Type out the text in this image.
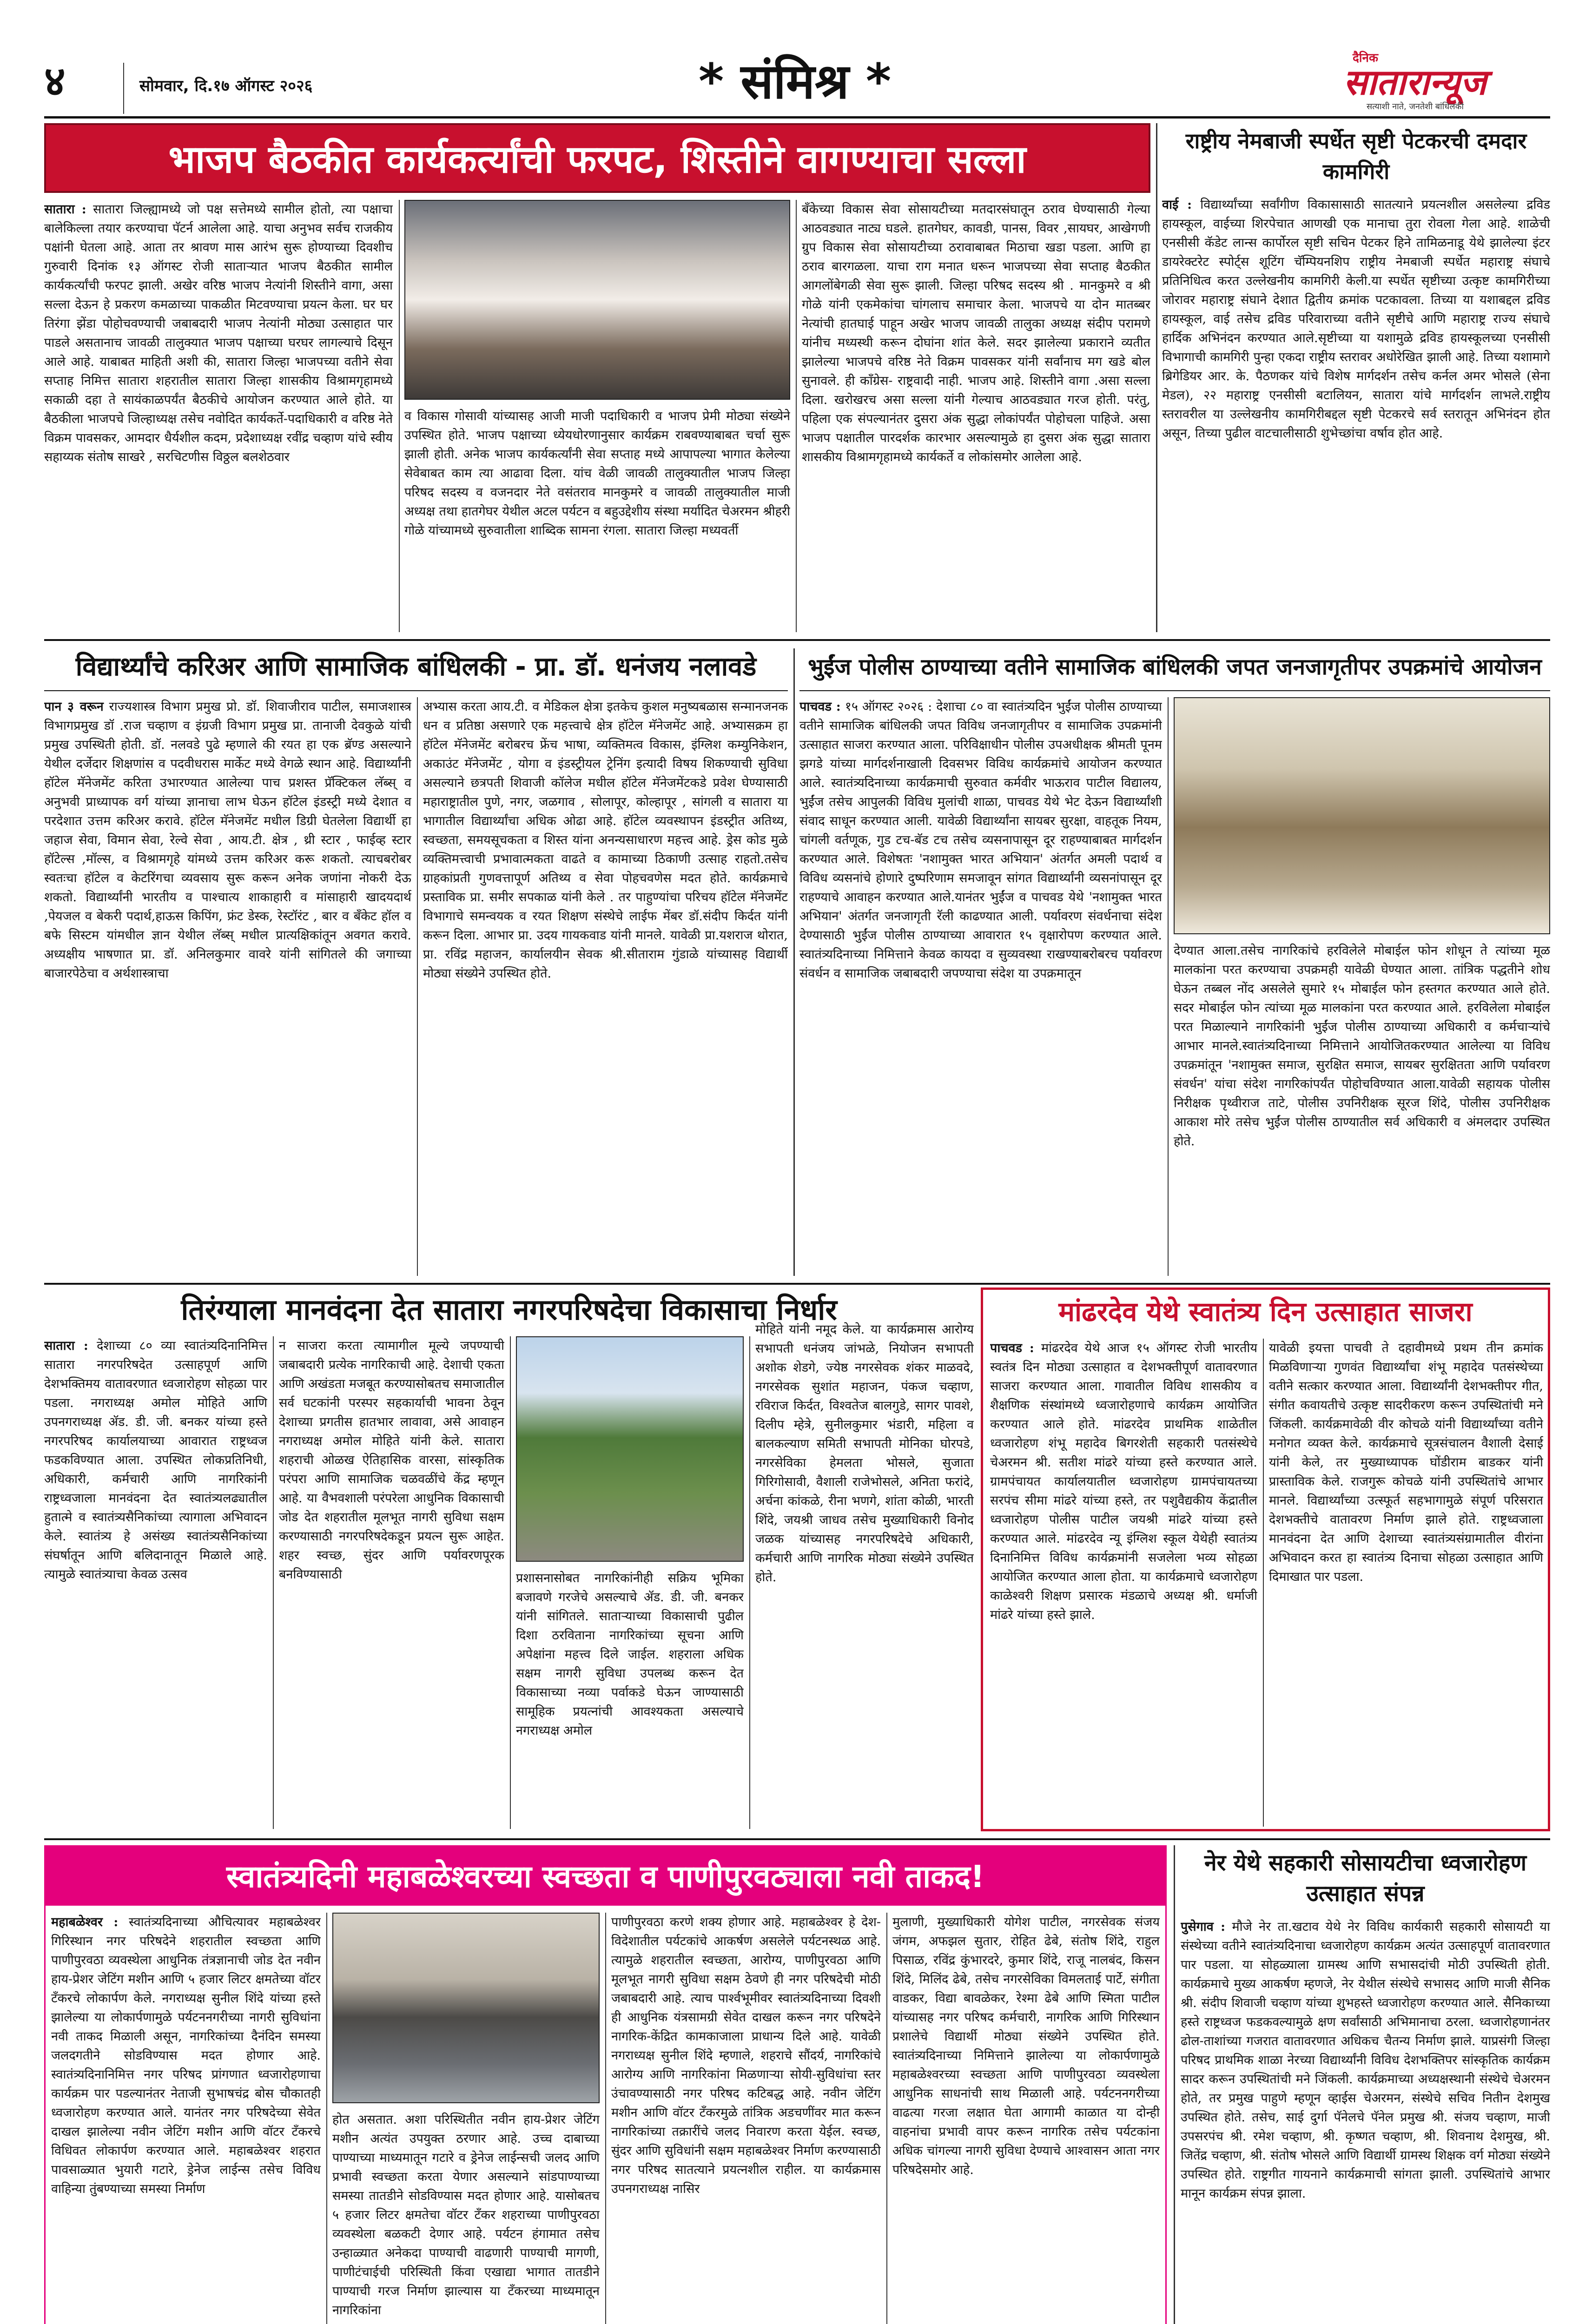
४	सोमवार, दि.१७ ऑगस्ट २०२६	* संमिश्र *	दैनिक
सातारान्यूज
सत्याशी नाते, जनतेशी बांधिलकी
भाजप बैठकीत कार्यकर्त्यांची फरपट, शिस्तीने वागण्याचा सल्ला
सातारा : सातारा जिल्ह्यामध्ये जो पक्ष सत्तेमध्ये सामील होतो, त्या पक्षाचा बालेकिल्ला तयार करण्याचा पॅटर्न आलेला आहे. याचा अनुभव सर्वच राजकीय पक्षांनी घेतला आहे. आता तर श्रावण मास आरंभ सुरू होण्याच्या दिवशीच गुरुवारी दिनांक १३ ऑगस्ट रोजी सातार्‍यात भाजप बैठकीत सामील कार्यकर्त्यांची फरपट झाली. अखेर वरिष्ठ भाजप नेत्यांनी शिस्तीने वागा, असा सल्ला देऊन हे प्रकरण कमळाच्या पाकळीत मिटवण्याचा प्रयत्न केला. घर घर तिरंगा झेंडा पोहोचवण्याची जबाबदारी भाजप नेत्यांनी मोठ्या उत्साहात पार पाडले असतानाच जावळी तालुक्यात भाजप पक्षाच्या घरघर लागल्याचे दिसून आले आहे. याबाबत माहिती अशी की, सातारा जिल्हा भाजपच्या वतीने सेवा सप्ताह निमित्त सातारा शहरातील सातारा जिल्हा शासकीय विश्रामगृहामध्ये सकाळी दहा ते सायंकाळपर्यंत बैठकीचे आयोजन करण्यात आले होते. या बैठकीला भाजपचे जिल्हाध्यक्ष तसेच नवोदित कार्यकर्ते-पदाधिकारी व वरिष्ठ नेते विक्रम पावसकर, आमदार धैर्यशील कदम, प्रदेशाध्यक्ष रवींद्र चव्हाण यांचे स्वीय सहाय्यक संतोष साखरे , सरचिटणीस विठ्ठल बलशेठवार
व विकास गोसावी यांच्यासह आजी माजी पदाधिकारी व भाजप प्रेमी मोठ्या संख्येने उपस्थित होते. भाजप पक्षाच्या ध्येयधोरणानुसार कार्यक्रम राबवण्याबाबत चर्चा सुरू झाली होती. अनेक भाजप कार्यकर्त्यांनी सेवा सप्ताह मध्ये आपापल्या भागात केलेल्या सेवेबाबत काम त्या आढावा दिला. यांच वेळी जावळी तालुक्यातील भाजप जिल्हा परिषद सदस्य व वजनदार नेते वसंतराव मानकुमरे व जावळी तालुक्यातील माजी अध्यक्ष तथा हातगेघर येथील अटल पर्यटन व बहुउद्देशीय संस्था मर्यादित चेअरमन श्रीहरी गोळे यांच्यामध्ये सुरुवातीला शाब्दिक सामना रंगला. सातारा जिल्हा मध्यवर्ती
बँकेच्या विकास सेवा सोसायटीच्या मतदारसंघातून ठराव घेण्यासाठी गेल्या आठवड्यात नाट्य घडले. हातगेघर, कावडी, पानस, विवर ,सायघर, आखेगणी ग्रुप विकास सेवा सोसायटीच्या ठरावाबाबत मिठाचा खडा पडला. आणि हा ठराव बारगळला. याचा राग मनात धरून भाजपच्या सेवा सप्ताह बैठकीत आगलोंबेगळी सेवा सुरू झाली. जिल्हा परिषद सदस्य श्री . मानकुमरे व श्री गोळे यांनी एकमेकांचा चांगलाच समाचार केला. भाजपचे या दोन मातब्बर नेत्यांची हातघाई पाहून अखेर भाजप जावळी तालुका अध्यक्ष संदीप परामणे यांनीच मध्यस्थी करून दोघांना शांत केले. सदर झालेल्या प्रकाराने व्यतीत झालेल्या भाजपचे वरिष्ठ नेते विक्रम पावसकर यांनी सर्वांनाच मग खडे बोल सुनावले. ही काँग्रेस- राष्ट्रवादी नाही. भाजप आहे. शिस्तीने वागा .असा सल्ला दिला. खरोखरच असा सल्ला यांनी गेल्याच आठवड्यात गरज होती. परंतु, पहिला एक संपल्यानंतर दुसरा अंक सुद्धा लोकांपर्यंत पोहोचला पाहिजे. असा भाजप पक्षातील पारदर्शक कारभार असल्यामुळे हा दुसरा अंक सुद्धा सातारा शासकीय विश्रामगृहामध्ये कार्यकर्ते व लोकांसमोर आलेला आहे.
राष्ट्रीय नेमबाजी स्पर्धेत सृष्टी पेटकरची दमदार कामगिरी
वाई : विद्यार्थ्यांच्या सर्वांगीण विकासासाठी सातत्याने प्रयत्नशील असलेल्या द्रविड हायस्कूल, वाईच्या शिरपेचात आणखी एक मानाचा तुरा रोवला गेला आहे. शाळेची एनसीसी कॅडेट लान्स कार्पोरल सृष्टी सचिन पेटकर हिने तामिळनाडू येथे झालेल्या इंटर डायरेक्टरेट स्पोर्ट्स शूटिंग चॅम्पियनशिप राष्ट्रीय नेमबाजी स्पर्धेत महाराष्ट्र संघाचे प्रतिनिधित्व करत उल्लेखनीय कामगिरी केली.या स्पर्धेत सृष्टीच्या उत्कृष्ट कामगिरीच्या जोरावर महाराष्ट्र संघाने देशात द्वितीय क्रमांक पटकावला. तिच्या या यशाबद्दल द्रविड हायस्कूल, वाई तसेच द्रविड परिवाराच्या वतीने सृष्टीचे आणि महाराष्ट्र राज्य संघाचे हार्दिक अभिनंदन करण्यात आले.सृष्टीच्या या यशामुळे द्रविड हायस्कूलच्या एनसीसी विभागाची कामगिरी पुन्हा एकदा राष्ट्रीय स्तरावर अधोरेखित झाली आहे. तिच्या यशामागे ब्रिगेडियर आर. के. पैठणकर यांचे विशेष मार्गदर्शन तसेच कर्नल अमर भोसले (सेना मेडल), २२ महाराष्ट्र एनसीसी बटालियन, सातारा यांचे मार्गदर्शन लाभले.राष्ट्रीय स्तरावरील या उल्लेखनीय कामगिरीबद्दल सृष्टी पेटकरचे सर्व स्तरातून अभिनंदन होत असून, तिच्या पुढील वाटचालीसाठी शुभेच्छांचा वर्षाव होत आहे.
विद्यार्थ्यांचे करिअर आणि सामाजिक बांधिलकी - प्रा. डॉ. धनंजय नलावडे
पान ३ वरून राज्यशास्त्र विभाग प्रमुख प्रो. डॉ. शिवाजीराव पाटील, समाजशास्त्र विभागप्रमुख डॉ .राज चव्हाण व इंग्रजी विभाग प्रमुख प्रा. तानाजी देवकुळे यांची प्रमुख उपस्थिती होती. डॉ. नलवडे पुढे म्हणाले की रयत हा एक ब्रॅण्ड असल्याने येथील दर्जेदार शिक्षणांस व पदवीधरास मार्केट मध्ये वेगळे स्थान आहे. विद्यार्थ्यांनी हॉटेल मॅनेजमेंट करिता उभारण्यात आलेल्या पाच प्रशस्त प्रॅक्टिकल लॅब्स् व अनुभवी प्राध्यापक वर्ग यांच्या ज्ञानाचा लाभ घेऊन हॉटेल इंडस्ट्री मध्ये देशात व परदेशात उत्तम करिअर करावे. हॉटेल मॅनेजमेंट मधील डिग्री घेतलेला विद्यार्थी हा जहाज सेवा, विमान सेवा, रेल्वे सेवा , आय.टी. क्षेत्र , थ्री स्टार , फाईव्ह स्टार हॉटेल्स ,मॉल्स, व विश्रामगृहे यांमध्ये उत्तम करिअर करू शकतो. त्याचबरोबर स्वतःचा हॉटेल व केटरिंगचा व्यवसाय सुरू करून अनेक जणांना नोकरी देऊ शकतो. विद्यार्थ्यांनी भारतीय व पाश्चात्य शाकाहारी व मांसाहारी खादयदार्थ ,पेयजल व बेकरी पदार्थ,हाऊस किपिंग, फ्रंट डेस्क, रेस्टॉरंट , बार व बँकेट हॉल व बफे सिस्टम यांमधील ज्ञान येथील लॅब्स् मधील प्रात्यक्षिकांतून अवगत करावे. अध्यक्षीय भाषणात प्रा. डॉ. अनिलकुमार वावरे यांनी सांगितले की जगाच्या बाजारपेठेचा व अर्थशास्त्राचा
अभ्यास करता आय.टी. व मेडिकल क्षेत्रा इतकेच कुशल मनुष्यबळास सन्मानजनक धन व प्रतिष्ठा असणारे एक महत्त्वाचे क्षेत्र हॉटेल मॅनेजमेंट आहे. अभ्यासक्रम हा हॉटेल मॅनेजमेंट बरोबरच फ्रेंच भाषा, व्यक्तिमत्व विकास, इंग्लिश कम्युनिकेशन, अकाउंट मॅनेजमेंट , योगा व इंडस्ट्रीयल ट्रेनिंग इत्यादी विषय शिकण्याची सुविधा असल्याने छत्रपती शिवाजी कॉलेज मधील हॉटेल मॅनेजमेंटकडे प्रवेश घेण्यासाठी महाराष्ट्रातील पुणे, नगर, जळगाव , सोलापूर, कोल्हापूर , सांगली व सातारा या भागातील विद्यार्थ्यांचा अधिक ओढा आहे. हॉटेल व्यवस्थापन इंडस्ट्रीत अतिथ्य, स्वच्छता, समयसूचकता व शिस्त यांना अनन्यसाधारण महत्त्व आहे. ड्रेस कोड मुळे व्यक्तिमत्त्वाची प्रभावात्मकता वाढते व कामाच्या ठिकाणी उत्साह राहतो.तसेच ग्राहकांप्रती गुणवत्तापूर्ण अतिथ्य व सेवा पोहचवणेस मदत होते. कार्यक्रमाचे प्रस्ताविक प्रा. समीर सपकाळ यांनी केले . तर पाहुण्यांचा परिचय हॉटेल मॅनेजमेंट विभागाचे समन्वयक व रयत शिक्षण संस्थेचे लाईफ मेंबर डॉ.संदीप किर्दत यांनी करून दिला. आभार प्रा. उदय गायकवाड यांनी मानले. यावेळी प्रा.यशराज थोरात, प्रा. रविंद्र महाजन, कार्यालयीन सेवक श्री.सीताराम गुंडाळे यांच्यासह विद्यार्थी मोठ्या संख्येने उपस्थित होते.
भुईंज पोलीस ठाण्याच्या वतीने सामाजिक बांधिलकी जपत जनजागृतीपर उपक्रमांचे आयोजन
पाचवड : १५ ऑगस्ट २०२६ : देशाचा ८० वा स्वातंत्र्यदिन भुईंज पोलीस ठाण्याच्या वतीने सामाजिक बांधिलकी जपत विविध जनजागृतीपर व सामाजिक उपक्रमांनी उत्साहात साजरा करण्यात आला. परिविक्षाधीन पोलीस उपअधीक्षक श्रीमती पूनम झगडे यांच्या मार्गदर्शनाखाली दिवसभर विविध कार्यक्रमांचे आयोजन करण्यात आले. स्वातंत्र्यदिनाच्या कार्यक्रमाची सुरुवात कर्मवीर भाऊराव पाटील विद्यालय, भुईंज तसेच आपुलकी विविध मुलांची शाळा, पाचवड येथे भेट देऊन विद्यार्थ्यांशी संवाद साधून करण्यात आली. यावेळी विद्यार्थ्यांना सायबर सुरक्षा, वाहतूक नियम, चांगली वर्तणूक, गुड टच-बॅड टच तसेच व्यसनापासून दूर राहण्याबाबत मार्गदर्शन करण्यात आले. विशेषतः 'नशामुक्त भारत अभियान' अंतर्गत अमली पदार्थ व विविध व्यसनांचे होणारे दुष्परिणाम समजावून सांगत विद्यार्थ्यांनी व्यसनांपासून दूर राहण्याचे आवाहन करण्यात आले.यानंतर भुईंज व पाचवड येथे 'नशामुक्त भारत अभियान' अंतर्गत जनजागृती रॅली काढण्यात आली. पर्यावरण संवर्धनाचा संदेश देण्यासाठी भुईंज पोलीस ठाण्याच्या आवारात १५ वृक्षारोपण करण्यात आले. स्वातंत्र्यदिनाच्या निमित्ताने केवळ कायदा व सुव्यवस्था राखण्याबरोबरच पर्यावरण संवर्धन व सामाजिक जबाबदारी जपण्याचा संदेश या उपक्रमातून
देण्यात आला.तसेच नागरिकांचे हरविलेले मोबाईल फोन शोधून ते त्यांच्या मूळ मालकांना परत करण्याचा उपक्रमही यावेळी घेण्यात आला. तांत्रिक पद्धतीने शोध घेऊन तब्बल नोंद असलेले सुमारे १५ मोबाईल फोन हस्तगत करण्यात आले होते. सदर मोबाईल फोन त्यांच्या मूळ मालकांना परत करण्यात आले. हरविलेला मोबाईल परत मिळाल्याने नागरिकांनी भुईंज पोलीस ठाण्याच्या अधिकारी व कर्मचाऱ्यांचे आभार मानले.स्वातंत्र्यदिनाच्या निमित्ताने आयोजितकरण्यात आलेल्या या विविध उपक्रमांतून 'नशामुक्त समाज, सुरक्षित समाज, सायबर सुरक्षितता आणि पर्यावरण संवर्धन' यांचा संदेश नागरिकांपर्यंत पोहोचविण्यात आला.यावेळी सहायक पोलीस निरीक्षक पृथ्वीराज ताटे, पोलीस उपनिरीक्षक सूरज शिंदे, पोलीस उपनिरीक्षक आकाश मोरे तसेच भुईंज पोलीस ठाण्यातील सर्व अधिकारी व अंमलदार उपस्थित होते.
तिरंग्याला मानवंदना देत सातारा नगरपरिषदेचा विकासाचा निर्धार
सातारा : देशाच्या ८० व्या स्वातंत्र्यदिनानिमित्त सातारा नगरपरिषदेत उत्साहपूर्ण आणि देशभक्तिमय वातावरणात ध्वजारोहण सोहळा पार पडला. नगराध्यक्ष अमोल मोहिते आणि उपनगराध्यक्ष ॲड. डी. जी. बनकर यांच्या हस्ते नगरपरिषद कार्यालयाच्या आवारात राष्ट्रध्वज फडकविण्यात आला. उपस्थित लोकप्रतिनिधी, अधिकारी, कर्मचारी आणि नागरिकांनी राष्ट्रध्वजाला मानवंदना देत स्वातंत्र्यलढ्यातील हुतात्मे व स्वातंत्र्यसैनिकांच्या त्यागाला अभिवादन केले. स्वातंत्र्य हे असंख्य स्वातंत्र्यसैनिकांच्या संघर्षातून आणि बलिदानातून मिळाले आहे. त्यामुळे स्वातंत्र्याचा केवळ उत्सव
न साजरा करता त्यामागील मूल्ये जपण्याची जबाबदारी प्रत्येक नागरिकाची आहे. देशाची एकता आणि अखंडता मजबूत करण्यासोबतच समाजातील सर्व घटकांनी परस्पर सहकार्याची भावना ठेवून देशाच्या प्रगतीस हातभार लावावा, असे आवाहन नगराध्यक्ष अमोल मोहिते यांनी केले. सातारा शहराची ओळख ऐतिहासिक वारसा, सांस्कृतिक परंपरा आणि सामाजिक चळवळींचे केंद्र म्हणून आहे. या वैभवशाली परंपरेला आधुनिक विकासाची जोड देत शहरातील मूलभूत नागरी सुविधा सक्षम करण्यासाठी नगरपरिषदेकडून प्रयत्न सुरू आहेत. शहर स्वच्छ, सुंदर आणि पर्यावरणपूरक बनविण्यासाठी	प्रशासनासोबत नागरिकांनीही सक्रिय भूमिका बजावणे गरजेचे असल्याचे ॲड. डी. जी. बनकर यांनी सांगितले. सातार्‍याच्या विकासाची पुढील दिशा ठरविताना नागरिकांच्या सूचना आणि अपेक्षांना महत्त्व दिले जाईल. शहराला अधिक सक्षम नागरी सुविधा उपलब्ध करून देत विकासाच्या नव्या पर्वाकडे घेऊन जाण्यासाठी सामूहिक प्रयत्नांची आवश्यकता असल्याचे नगराध्यक्ष अमोल
मोहिते यांनी नमूद केले. या कार्यक्रमास आरोग्य सभापती धनंजय जांभळे, नियोजन सभापती अशोक शेडगे, ज्येष्ठ नगरसेवक शंकर माळवदे, नगरसेवक सुशांत महाजन, पंकज चव्हाण, रविराज किर्दत, विश्वतेज बालगुडे, सागर पावशे, दिलीप म्हेत्रे, सुनीलकुमार भंडारी, महिला व बालकल्याण समिती सभापती मोनिका घोरपडे, नगरसेविका हेमलता भोसले, सुजाता गिरिगोसावी, वैशाली राजेभोसले, अनिता फरांदे, अर्चना कांकळे, रीना भणगे, शांता कोळी, भारती शिंदे, जयश्री जाधव तसेच मुख्याधिकारी विनोद जळक यांच्यासह नगरपरिषदेचे अधिकारी, कर्मचारी आणि नागरिक मोठ्या संख्येने उपस्थित होते.
मांढरदेव येथे स्वातंत्र्य दिन उत्साहात साजरा
पाचवड : मांढरदेव येथे आज १५ ऑगस्ट रोजी भारतीय स्वतंत्र दिन मोठ्या उत्साहात व देशभक्तीपूर्ण वातावरणात साजरा करण्यात आला. गावातील विविध शासकीय व शैक्षणिक संस्थांमध्ये ध्वजारोहणाचे कार्यक्रम आयोजित करण्यात आले होते. मांढरदेव प्राथमिक शाळेतील ध्वजारोहण शंभू महादेव बिगरशेती सहकारी पतसंस्थेचे चेअरमन श्री. सतीश मांढरे यांच्या हस्ते करण्यात आले. ग्रामपंचायत कार्यालयातील ध्वजारोहण ग्रामपंचायतच्या सरपंच सीमा मांढरे यांच्या हस्ते, तर पशुवैद्यकीय केंद्रातील ध्वजारोहण पोलीस पाटील जयश्री मांढरे यांच्या हस्ते करण्यात आले. मांढरदेव न्यू इंग्लिश स्कूल येथेही स्वातंत्र्य दिनानिमित्त विविध कार्यक्रमांनी सजलेला भव्य सोहळा आयोजित करण्यात आला होता. या कार्यक्रमाचे ध्वजारोहण काळेश्वरी शिक्षण प्रसारक मंडळाचे अध्यक्ष श्री. धर्माजी मांढरे यांच्या हस्ते झाले.
यावेळी इयत्ता पाचवी ते दहावीमध्ये प्रथम तीन क्रमांक मिळविणाऱ्या गुणवंत विद्यार्थ्यांचा शंभू महादेव पतसंस्थेच्या वतीने सत्कार करण्यात आला. विद्यार्थ्यांनी देशभक्तीपर गीत, संगीत कवायतीचे उत्कृष्ट सादरीकरण करून उपस्थितांची मने जिंकली. कार्यक्रमावेळी वीर कोचळे यांनी विद्यार्थ्यांच्या वतीने मनोगत व्यक्त केले. कार्यक्रमाचे सूत्रसंचालन वैशाली देसाई यांनी केले, तर मुख्याध्यापक घोंडीराम बाडकर यांनी प्रास्ताविक केले. राजगुरू कोचळे यांनी उपस्थितांचे आभार मानले. विद्यार्थ्यांच्या उत्स्फूर्त सहभागामुळे संपूर्ण परिसरात देशभक्तीचे वातावरण निर्माण झाले होते. राष्ट्रध्वजाला मानवंदना देत आणि देशाच्या स्वातंत्र्यसंग्रामातील वीरांना अभिवादन करत हा स्वातंत्र्य दिनाचा सोहळा उत्साहात आणि दिमाखात पार पडला.
स्वातंत्र्यदिनी महाबळेश्वरच्या स्वच्छता व पाणीपुरवठ्याला नवी ताकद!
महाबळेश्वर : स्वातंत्र्यदिनाच्या औचित्यावर महाबळेश्वर गिरिस्थान नगर परिषदेने शहरातील स्वच्छता आणि पाणीपुरवठा व्यवस्थेला आधुनिक तंत्रज्ञानाची जोड देत नवीन हाय-प्रेशर जेटिंग मशीन आणि ५ हजार लिटर क्षमतेच्या वॉटर टँकरचे लोकार्पण केले. नगराध्यक्ष सुनील शिंदे यांच्या हस्ते झालेल्या या लोकार्पणामुळे पर्यटननगरीच्या नागरी सुविधांना नवी ताकद मिळाली असून, नागरिकांच्या दैनंदिन समस्या जलदगतीने सोडविण्यास मदत होणार आहे. स्वातंत्र्यदिनानिमित्त नगर परिषद प्रांगणात ध्वजारोहणाचा कार्यक्रम पार पडल्यानंतर नेताजी सुभाषचंद्र बोस चौकातही ध्वजारोहण करण्यात आले. यानंतर नगर परिषदेच्या सेवेत दाखल झालेल्या नवीन जेटिंग मशीन आणि वॉटर टँकरचे विधिवत लोकार्पण करण्यात आले. महाबळेश्वर शहरात पावसाळ्यात भुयारी गटारे, ड्रेनेज लाईन्स तसेच विविध वाहिन्या तुंबण्याच्या समस्या निर्माण
होत असतात. अशा परिस्थितीत नवीन हाय-प्रेशर जेटिंग मशीन अत्यंत उपयुक्त ठरणार आहे. उच्च दाबाच्या पाण्याच्या माध्यमातून गटारे व ड्रेनेज लाईन्सची जलद आणि प्रभावी स्वच्छता करता येणार असल्याने सांडपाण्याच्या समस्या तातडीने सोडविण्यास मदत होणार आहे. यासोबतच ५ हजार लिटर क्षमतेचा वॉटर टँकर शहराच्या पाणीपुरवठा व्यवस्थेला बळकटी देणार आहे. पर्यटन हंगामात तसेच उन्हाळ्यात अनेकदा पाण्याची वाढणारी पाण्याची मागणी, पाणीटंचाईची परिस्थिती किंवा एखाद्या भागात तातडीने पाण्याची गरज निर्माण झाल्यास या टँकरच्या माध्यमातून नागरिकांना
पाणीपुरवठा करणे शक्य होणार आहे. महाबळेश्वर हे देश-विदेशातील पर्यटकांचे आकर्षण असलेले पर्यटनस्थळ आहे. त्यामुळे शहरातील स्वच्छता, आरोग्य, पाणीपुरवठा आणि मूलभूत नागरी सुविधा सक्षम ठेवणे ही नगर परिषदेची मोठी जबाबदारी आहे. त्याच पार्श्वभूमीवर स्वातंत्र्यदिनाच्या दिवशी ही आधुनिक यंत्रसामग्री सेवेत दाखल करून नगर परिषदेने नागरिक-केंद्रित कामकाजाला प्राधान्य दिले आहे. यावेळी नगराध्यक्ष सुनील शिंदे म्हणाले, शहराचे सौंदर्य, नागरिकांचे आरोग्य आणि नागरिकांना मिळणाऱ्या सोयी-सुविधांचा स्तर उंचावण्यासाठी नगर परिषद कटिबद्ध आहे. नवीन जेटिंग मशीन आणि वॉटर टँकरमुळे तांत्रिक अडचणींवर मात करून नागरिकांच्या तक्रारींचे जलद निवारण करता येईल. स्वच्छ, सुंदर आणि सुविधांनी सक्षम महाबळेश्वर निर्माण करण्यासाठी नगर परिषद सातत्याने प्रयत्नशील राहील. या कार्यक्रमास उपनगराध्यक्ष नासिर
मुलाणी, मुख्याधिकारी योगेश पाटील, नगरसेवक संजय जंगम, अफझल सुतार, रोहित ढेबे, संतोष शिंदे, राहुल पिसाळ, रविंद्र कुंभारदरे, कुमार शिंदे, राजू नालबंद, किसन शिंदे, मिलिंद ढेबे, तसेच नगरसेविका विमलताई पार्टे, संगीता वाडकर, विद्या बावळेकर, रेश्मा ढेबे आणि स्मिता पाटील यांच्यासह नगर परिषद कर्मचारी, नागरिक आणि गिरिस्थान प्रशालेचे विद्यार्थी मोठ्या संख्येने उपस्थित होते. स्वातंत्र्यदिनाच्या निमित्ताने झालेल्या या लोकार्पणामुळे महाबळेश्वरच्या स्वच्छता आणि पाणीपुरवठा व्यवस्थेला आधुनिक साधनांची साथ मिळाली आहे. पर्यटननगरीच्या वाढत्या गरजा लक्षात घेता आगामी काळात या दोन्ही वाहनांचा प्रभावी वापर करून नागरिक तसेच पर्यटकांना अधिक चांगल्या नागरी सुविधा देण्याचे आश्वासन आता नगर परिषदेसमोर आहे.
नेर येथे सहकारी सोसायटीचा ध्वजारोहण उत्साहात संपन्न
पुसेगाव : मौजे नेर ता.खटाव येथे नेर विविध कार्यकारी सहकारी सोसायटी या संस्थेच्या वतीने स्वातंत्र्यदिनाचा ध्वजारोहण कार्यक्रम अत्यंत उत्साहपूर्ण वातावरणात पार पडला. या सोहळ्याला ग्रामस्थ आणि सभासदांची मोठी उपस्थिती होती. कार्यक्रमाचे मुख्य आकर्षण म्हणजे, नेर येथील संस्थेचे सभासद आणि माजी सैनिक श्री. संदीप शिवाजी चव्हाण यांच्या शुभहस्ते ध्वजारोहण करण्यात आले. सैनिकाच्या हस्ते राष्ट्रध्वज फडकवल्यामुळे क्षण सर्वांसाठी अभिमानाचा ठरला. ध्वजारोहणानंतर ढोल-ताशांच्या गजरात वातावरणात अधिकच चैतन्य निर्माण झाले. याप्रसंगी जिल्हा परिषद प्राथमिक शाळा नेरच्या विद्यार्थ्यांनी विविध देशभक्तिपर सांस्कृतिक कार्यक्रम सादर करून उपस्थितांची मने जिंकली. कार्यक्रमाच्या अध्यक्षस्थानी संस्थेचे चेअरमन होते, तर प्रमुख पाहुणे म्हणून व्हाईस चेअरमन, संस्थेचे सचिव नितीन देशमुख उपस्थित होते. तसेच, साई दुर्गा पॅनेलचे पॅनेल प्रमुख श्री. संजय चव्हाण, माजी उपसरपंच श्री. रमेश चव्हाण, श्री. कृष्णत चव्हाण, श्री. शिवनाथ देशमुख, श्री. जितेंद्र चव्हाण, श्री. संतोष भोसले आणि विद्यार्थी ग्रामस्थ शिक्षक वर्ग मोठ्या संख्येने उपस्थित होते. राष्ट्रगीत गायनाने कार्यक्रमाची सांगता झाली. उपस्थितांचे आभार मानून कार्यक्रम संपन्न झाला.
